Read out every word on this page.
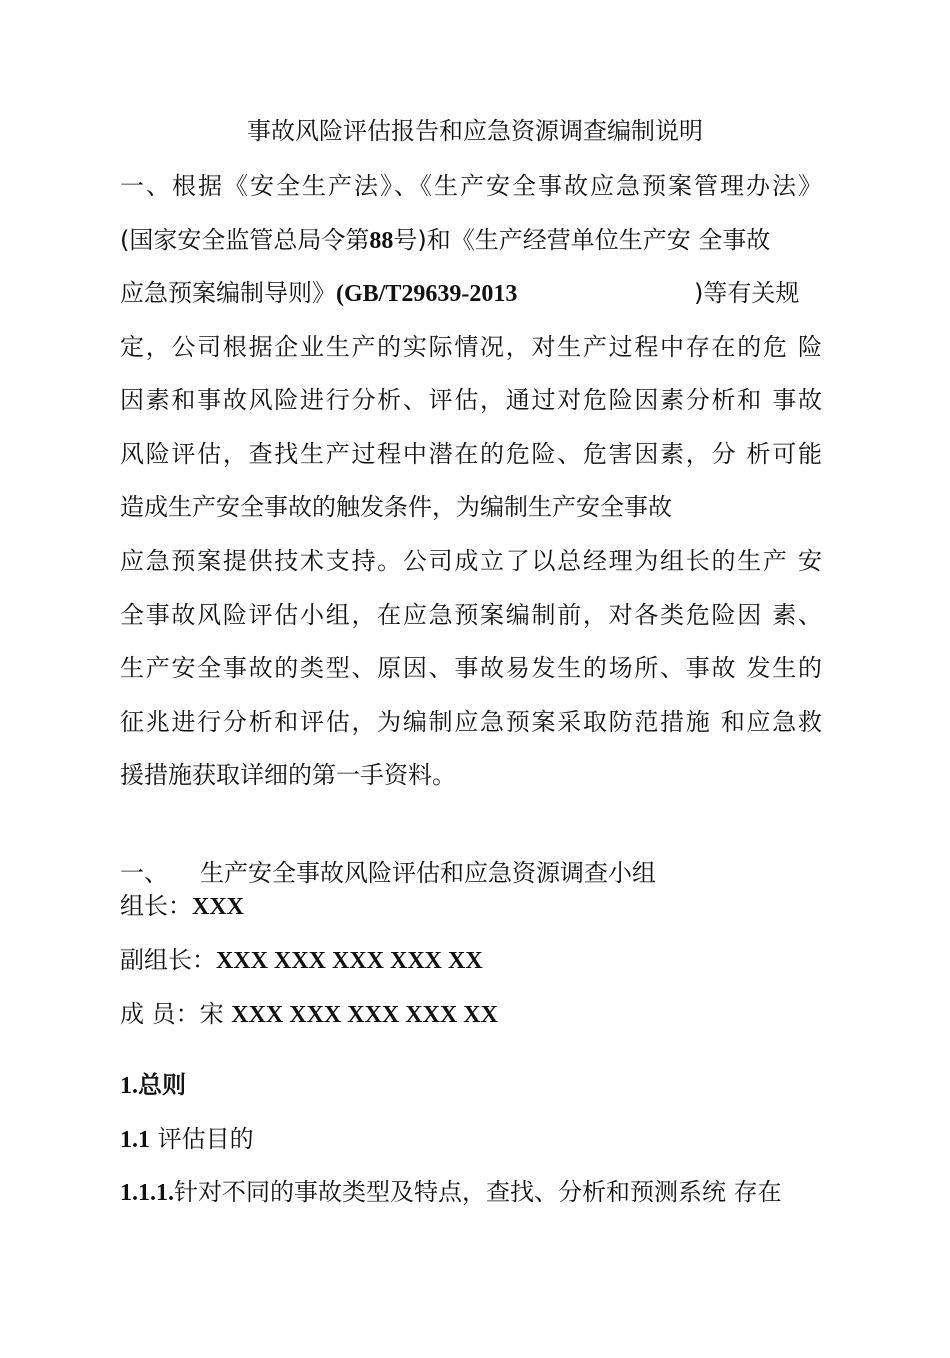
事故风险评估报告和应急资源调查编制说明
一、根据《安全生产法》、《生产安全事故应急预案管理办法》
(国家安全监管总局令第88号)和《生产经营单位生产安 全事故
应急预案编制导则》(GB/T29639-2013	)等有关规
定，公司根据企业生产的实际情况，对生产过程中存在的危 险
因素和事故风险进行分析、评估，通过对危险因素分析和 事故
风险评估，查找生产过程中潜在的危险、危害因素，分 析可能
造成生产安全事故的触发条件，为编制生产安全事故
应急预案提供技术支持。公司成立了以总经理为组长的生产 安
全事故风险评估小组，在应急预案编制前，对各类危险因 素、
生产安全事故的类型、原因、事故易发生的场所、事故 发生的
征兆进行分析和评估，为编制应急预案采取防范措施 和应急救
援措施获取详细的第一手资料。
一、 生产安全事故风险评估和应急资源调查小组
组长：XXX
副组长：XXX XXX XXX XXX XX
成 员：宋 XXX XXX XXX XXX XX
1.总则
1.1 评估目的
1.1.1.针对不同的事故类型及特点，查找、分析和预测系统 存在
